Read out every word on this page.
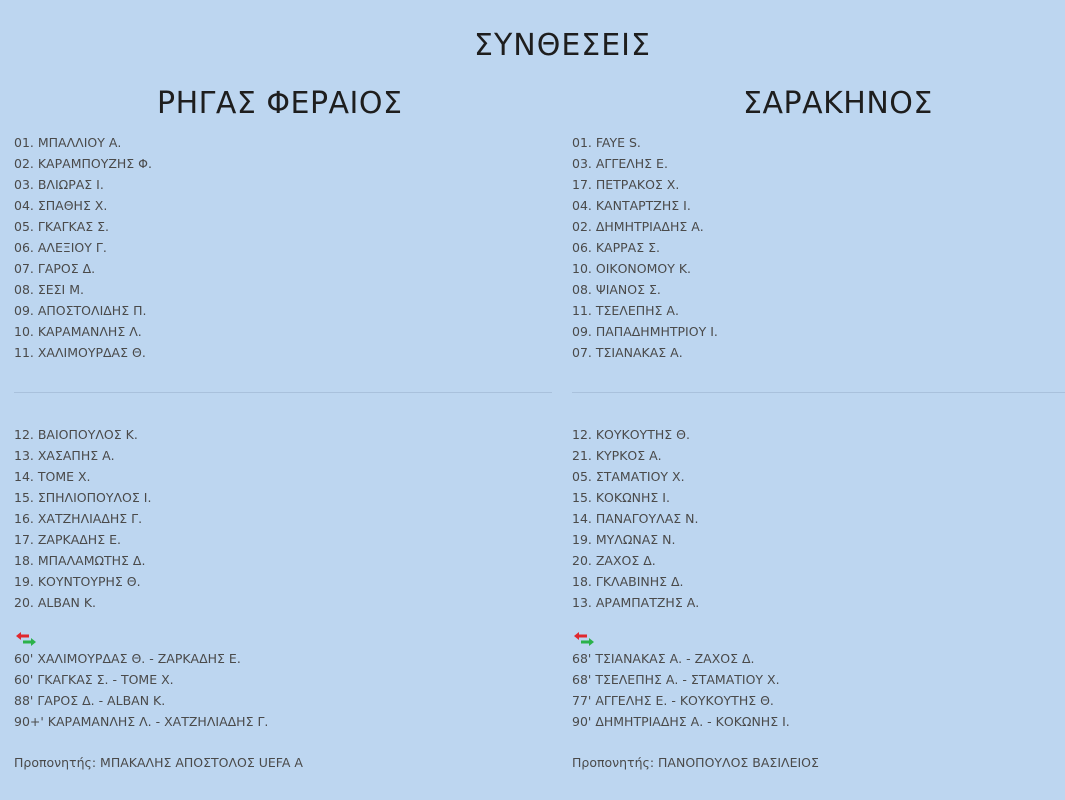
ΣΥΝΘΕΣΕΙΣ
ΡΗΓΑΣ ΦΕΡΑΙΟΣ
01. ΜΠΑΛΛΙΟΥ Α.
02. ΚΑΡΑΜΠΟΥΖΗΣ Φ.
03. ΒΛΙΩΡΑΣ Ι.
04. ΣΠΑΘΗΣ Χ.
05. ΓΚΑΓΚΑΣ Σ.
06. ΑΛΕΞΙΟΥ Γ.
07. ΓΑΡΟΣ Δ.
08. ΣΕΣΙ Μ.
09. ΑΠΟΣΤΟΛΙΔΗΣ Π.
10. ΚΑΡΑΜΑΝΛΗΣ Λ.
11. ΧΑΛΙΜΟΥΡΔΑΣ Θ.
12. ΒΑΙΟΠΟΥΛΟΣ Κ.
13. ΧΑΣΑΠΗΣ Α.
14. ΤΟΜΕ Χ.
15. ΣΠΗΛΙΟΠΟΥΛΟΣ Ι.
16. ΧΑΤΖΗΛΙΑΔΗΣ Γ.
17. ΖΑΡΚΑΔΗΣ Ε.
18. ΜΠΑΛΑΜΩΤΗΣ Δ.
19. ΚΟΥΝΤΟΥΡΗΣ Θ.
20. ALBAN Κ.
60' ΧΑΛΙΜΟΥΡΔΑΣ Θ. - ΖΑΡΚΑΔΗΣ Ε.
60' ΓΚΑΓΚΑΣ Σ. - ΤΟΜΕ Χ.
88' ΓΑΡΟΣ Δ. - ALBAN Κ.
90+' ΚΑΡΑΜΑΝΛΗΣ Λ. - ΧΑΤΖΗΛΙΑΔΗΣ Γ.
Προπονητής: ΜΠΑΚΑΛΗΣ ΑΠΟΣΤΟΛΟΣ UEFA A
ΣΑΡΑΚΗΝΟΣ
01. FAYE S.
03. ΑΓΓΕΛΗΣ Ε.
17. ΠΕΤΡΑΚΟΣ Χ.
04. ΚΑΝΤΑΡΤΖΗΣ Ι.
02. ΔΗΜΗΤΡΙΑΔΗΣ Α.
06. ΚΑΡΡΑΣ Σ.
10. ΟΙΚΟΝΟΜΟΥ Κ.
08. ΨΙΑΝΟΣ Σ.
11. ΤΣΕΛΕΠΗΣ Α.
09. ΠΑΠΑΔΗΜΗΤΡΙΟΥ Ι.
07. ΤΣΙΑΝΑΚΑΣ Α.
12. ΚΟΥΚΟΥΤΗΣ Θ.
21. ΚΥΡΚΟΣ Α.
05. ΣΤΑΜΑΤΙΟΥ Χ.
15. ΚΟΚΩΝΗΣ Ι.
14. ΠΑΝΑΓΟΥΛΑΣ Ν.
19. ΜΥΛΩΝΑΣ Ν.
20. ΖΑΧΟΣ Δ.
18. ΓΚΛΑΒΙΝΗΣ Δ.
13. ΑΡΑΜΠΑΤΖΗΣ Α.
68' ΤΣΙΑΝΑΚΑΣ Α. - ΖΑΧΟΣ Δ.
68' ΤΣΕΛΕΠΗΣ Α. - ΣΤΑΜΑΤΙΟΥ Χ.
77' ΑΓΓΕΛΗΣ Ε. - ΚΟΥΚΟΥΤΗΣ Θ.
90' ΔΗΜΗΤΡΙΑΔΗΣ Α. - ΚΟΚΩΝΗΣ Ι.
Προπονητής: ΠΑΝΟΠΟΥΛΟΣ ΒΑΣΙΛΕΙΟΣ
